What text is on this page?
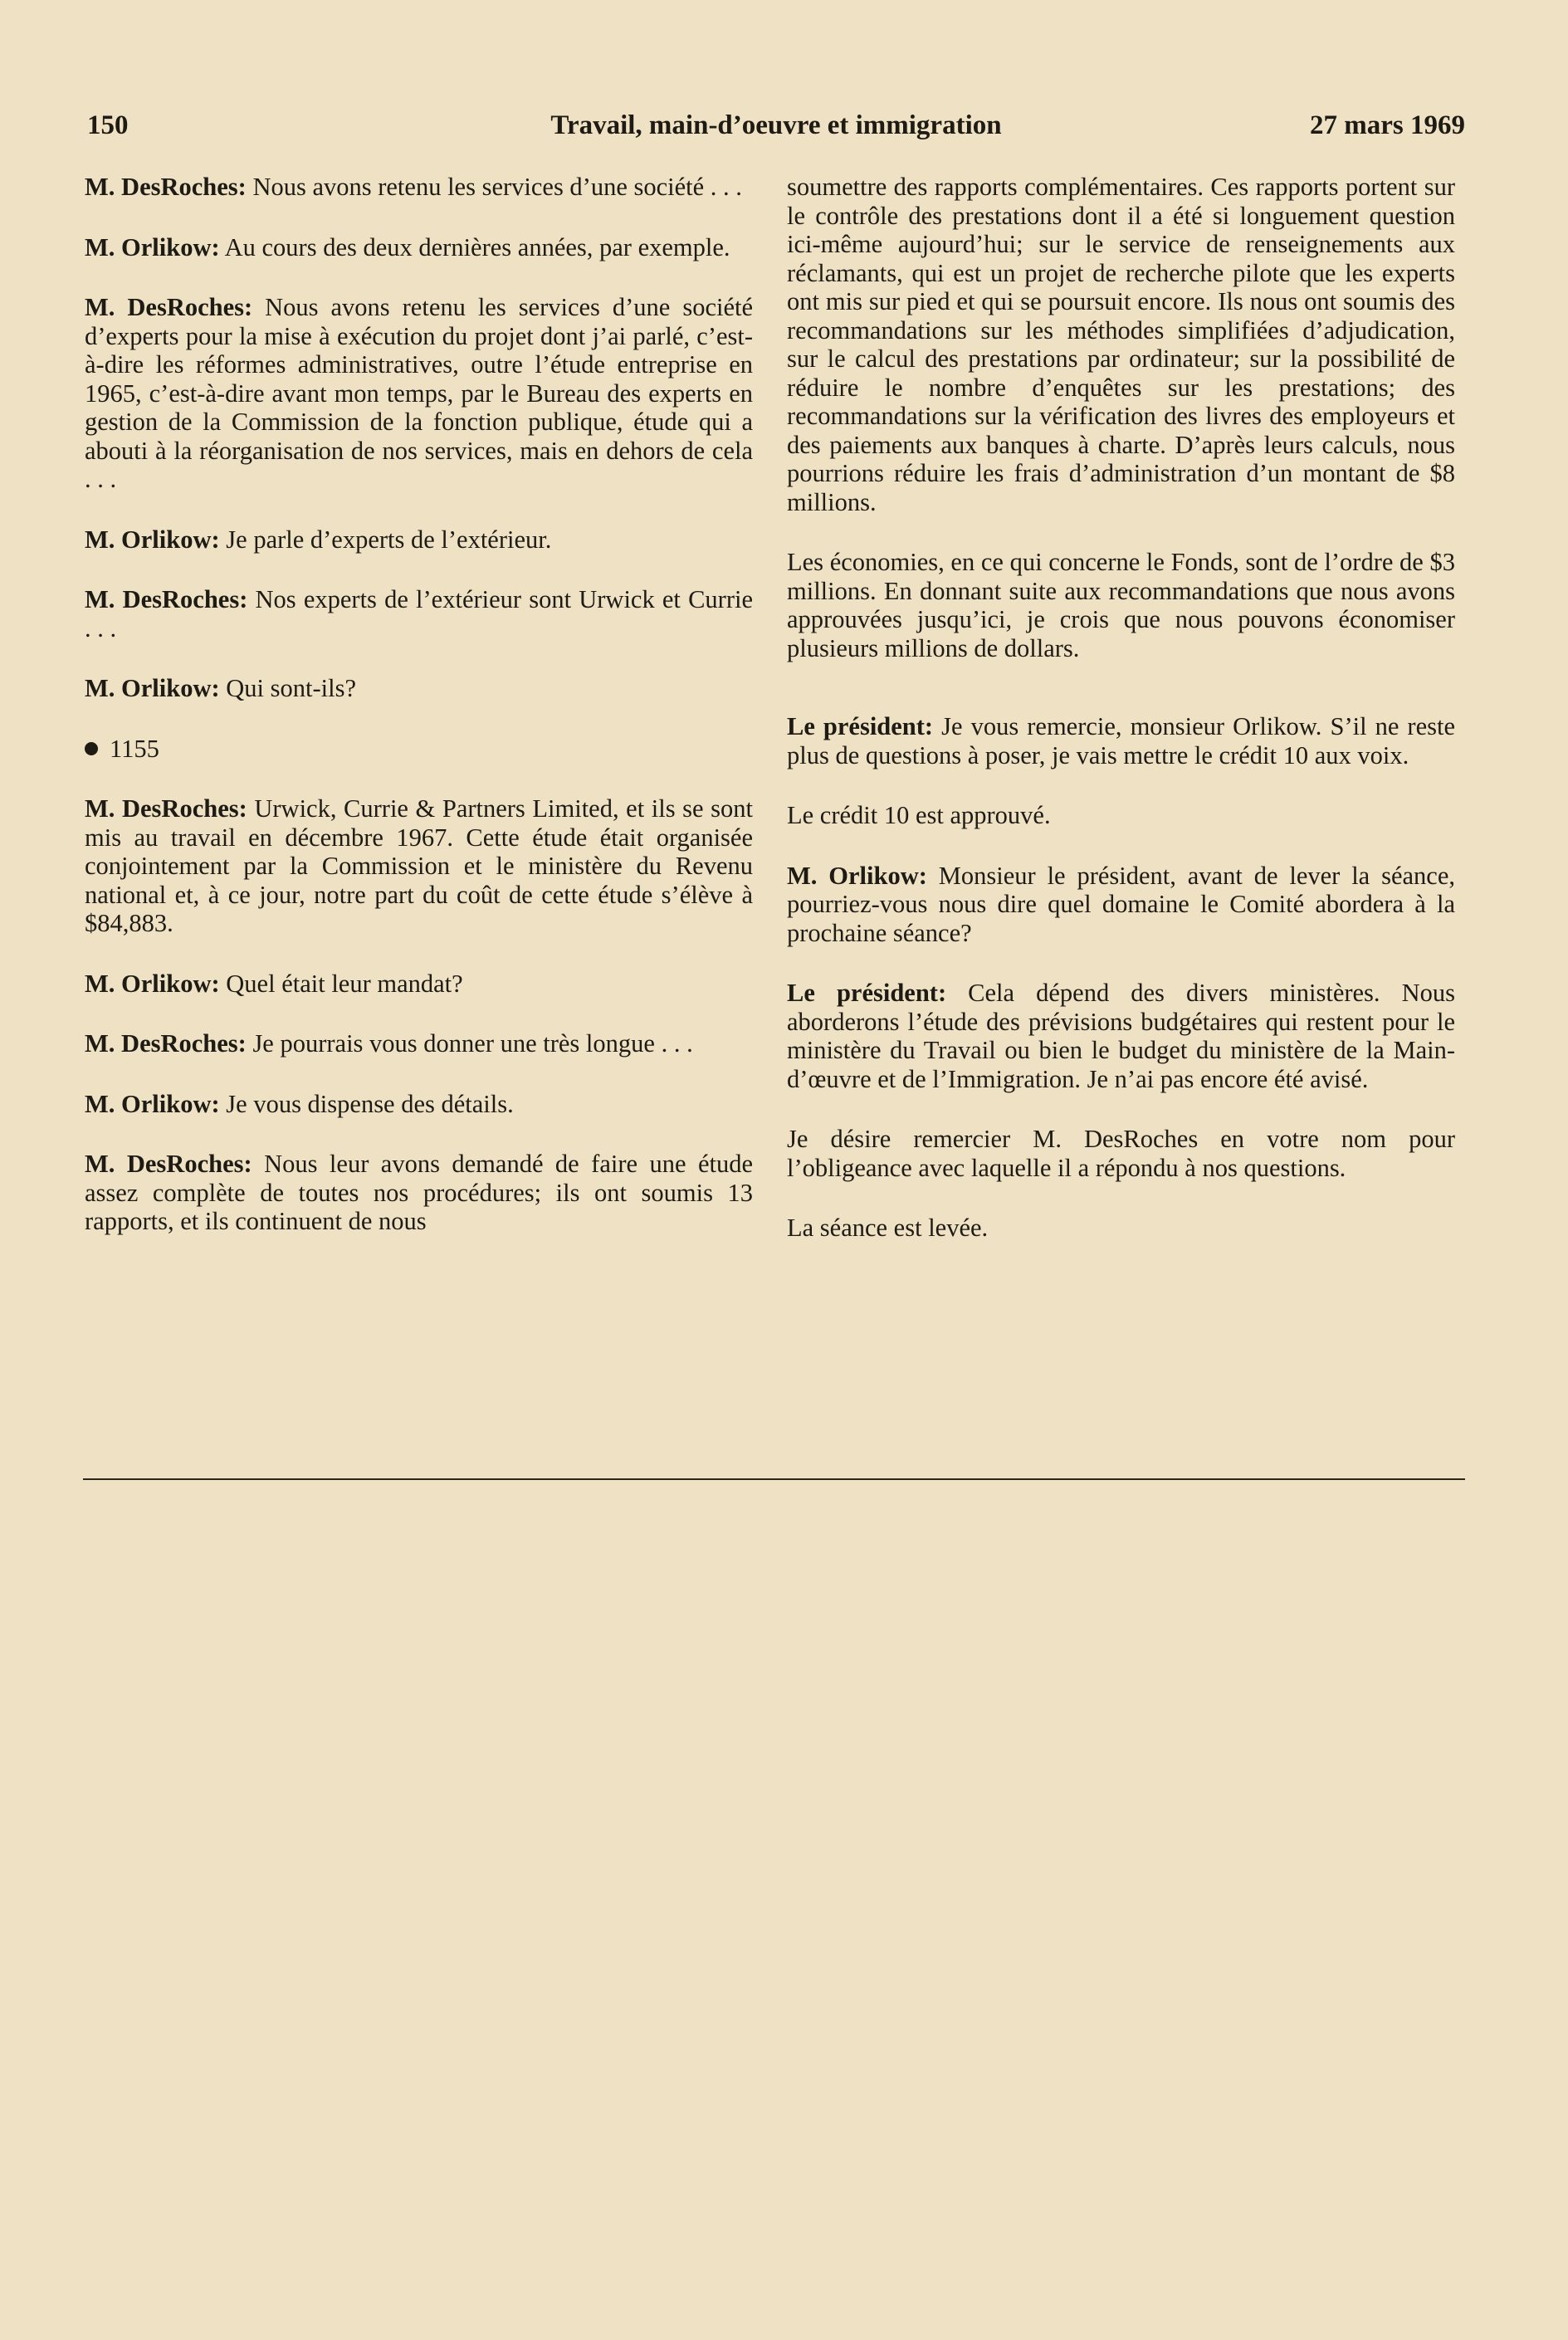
150	Travail, main-d’oeuvre et immigration	27 mars 1969

M. DesRoches: Nous avons retenu les services d’une société . . .

M. Orlikow: Au cours des deux dernières années, par exemple.

M. DesRoches: Nous avons retenu les services d’une société d’experts pour la mise à exécution du projet dont j’ai parlé, c’est-à-dire les réformes administratives, outre l’étude entreprise en 1965, c’est-à-dire avant mon temps, par le Bureau des experts en gestion de la Commission de la fonction publique, étude qui a abouti à la réorganisation de nos services, mais en dehors de cela . . .

M. Orlikow: Je parle d’experts de l’extérieur.

M. DesRoches: Nos experts de l’extérieur sont Urwick et Currie . . .

M. Orlikow: Qui sont-ils?

1155

M. DesRoches: Urwick, Currie & Partners Limited, et ils se sont mis au travail en décembre 1967. Cette étude était organisée conjointement par la Commission et le ministère du Revenu national et, à ce jour, notre part du coût de cette étude s’élève à $84,883.

M. Orlikow: Quel était leur mandat?

M. DesRoches: Je pourrais vous donner une très longue . . .

M. Orlikow: Je vous dispense des détails.

M. DesRoches: Nous leur avons demandé de faire une étude assez complète de toutes nos procédures; ils ont soumis 13 rapports, et ils continuent de nous

soumettre des rapports complémentaires. Ces rapports portent sur le contrôle des prestations dont il a été si longuement question ici-même aujourd’hui; sur le service de renseignements aux réclamants, qui est un projet de recherche pilote que les experts ont mis sur pied et qui se poursuit encore. Ils nous ont soumis des recommandations sur les méthodes simplifiées d’adjudication, sur le calcul des prestations par ordinateur; sur la possibilité de réduire le nombre d’enquêtes sur les prestations; des recommandations sur la vérification des livres des employeurs et des paiements aux banques à charte. D’après leurs calculs, nous pourrions réduire les frais d’administration d’un montant de $8 millions.

Les économies, en ce qui concerne le Fonds, sont de l’ordre de $3 millions. En donnant suite aux recommandations que nous avons approuvées jusqu’ici, je crois que nous pouvons économiser plusieurs millions de dollars.

Le président: Je vous remercie, monsieur Orlikow. S’il ne reste plus de questions à poser, je vais mettre le crédit 10 aux voix.

Le crédit 10 est approuvé.

M. Orlikow: Monsieur le président, avant de lever la séance, pourriez-vous nous dire quel domaine le Comité abordera à la prochaine séance?

Le président: Cela dépend des divers ministères. Nous aborderons l’étude des prévisions budgétaires qui restent pour le ministère du Travail ou bien le budget du ministère de la Main-d’œuvre et de l’Immigration. Je n’ai pas encore été avisé.

Je désire remercier M. DesRoches en votre nom pour l’obligeance avec laquelle il a répondu à nos questions.

La séance est levée.
